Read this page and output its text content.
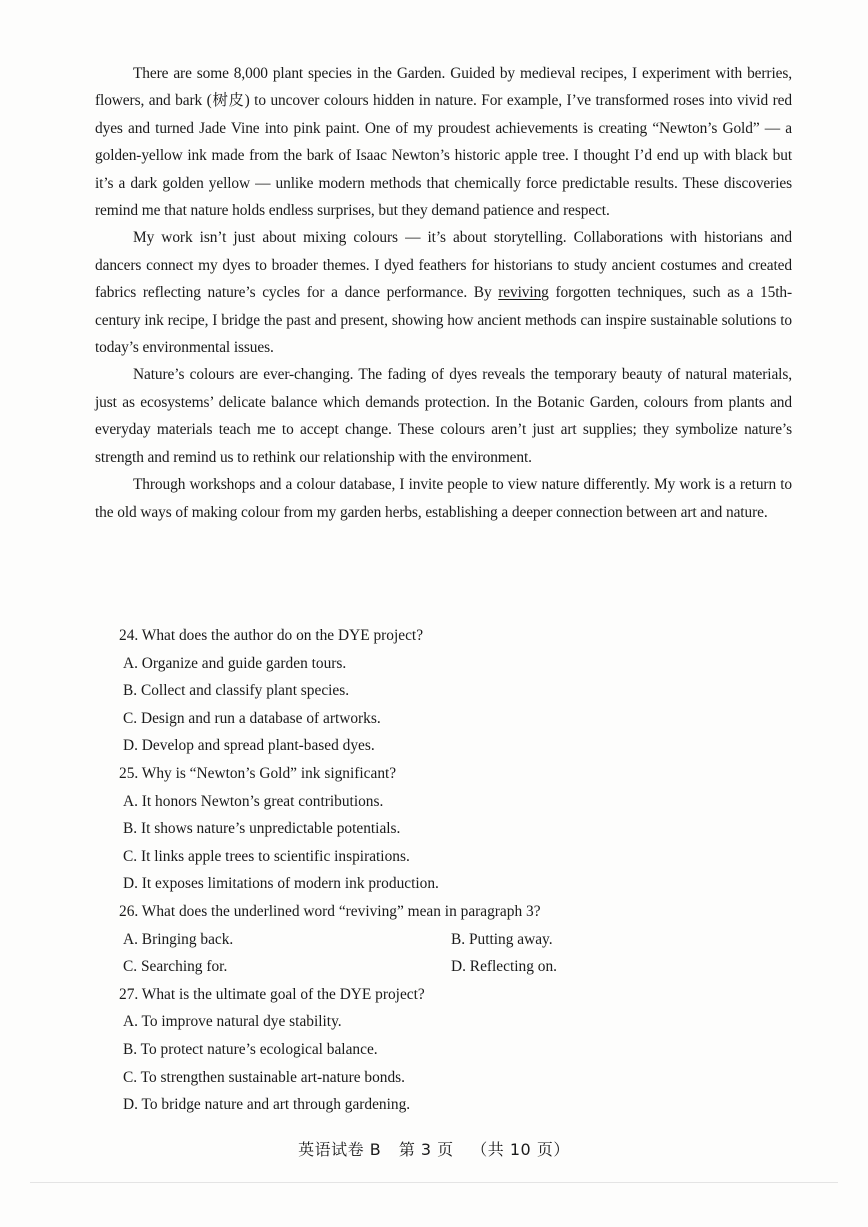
There are some 8,000 plant species in the Garden. Guided by medieval recipes, I experiment with berries, flowers, and bark (树皮) to uncover colours hidden in nature. For example, I’ve transformed roses into vivid red dyes and turned Jade Vine into pink paint. One of my proudest achievements is creating “Newton’s Gold” — a golden-yellow ink made from the bark of Isaac Newton’s historic apple tree. I thought I’d end up with black but it’s a dark golden yellow — unlike modern methods that chemically force predictable results. These discoveries remind me that nature holds endless surprises, but they demand patience and respect.

My work isn’t just about mixing colours — it’s about storytelling. Collaborations with historians and dancers connect my dyes to broader themes. I dyed feathers for historians to study ancient costumes and created fabrics reflecting nature’s cycles for a dance performance. By reviving forgotten techniques, such as a 15th-century ink recipe, I bridge the past and present, showing how ancient methods can inspire sustainable solutions to today’s environmental issues.

Nature’s colours are ever-changing. The fading of dyes reveals the temporary beauty of natural materials, just as ecosystems’ delicate balance which demands protection. In the Botanic Garden, colours from plants and everyday materials teach me to accept change. These colours aren’t just art supplies; they symbolize nature’s strength and remind us to rethink our relationship with the environment.

Through workshops and a colour database, I invite people to view nature differently. My work is a return to the old ways of making colour from my garden herbs, establishing a deeper connection between art and nature.

24. What does the author do on the DYE project?

A. Organize and guide garden tours.

B. Collect and classify plant species.

C. Design and run a database of artworks.

D. Develop and spread plant-based dyes.

25. Why is “Newton’s Gold” ink significant?

A. It honors Newton’s great contributions.

B. It shows nature’s unpredictable potentials.

C. It links apple trees to scientific inspirations.

D. It exposes limitations of modern ink production.

26. What does the underlined word “reviving” mean in paragraph 3?

A. Bringing back.	B. Putting away.

C. Searching for.	D. Reflecting on.

27. What is the ultimate goal of the DYE project?

A. To improve natural dye stability.

B. To protect nature’s ecological balance.

C. To strengthen sustainable art-nature bonds.

D. To bridge nature and art through gardening.

英语试卷 B 第 3 页 （共 10 页）
